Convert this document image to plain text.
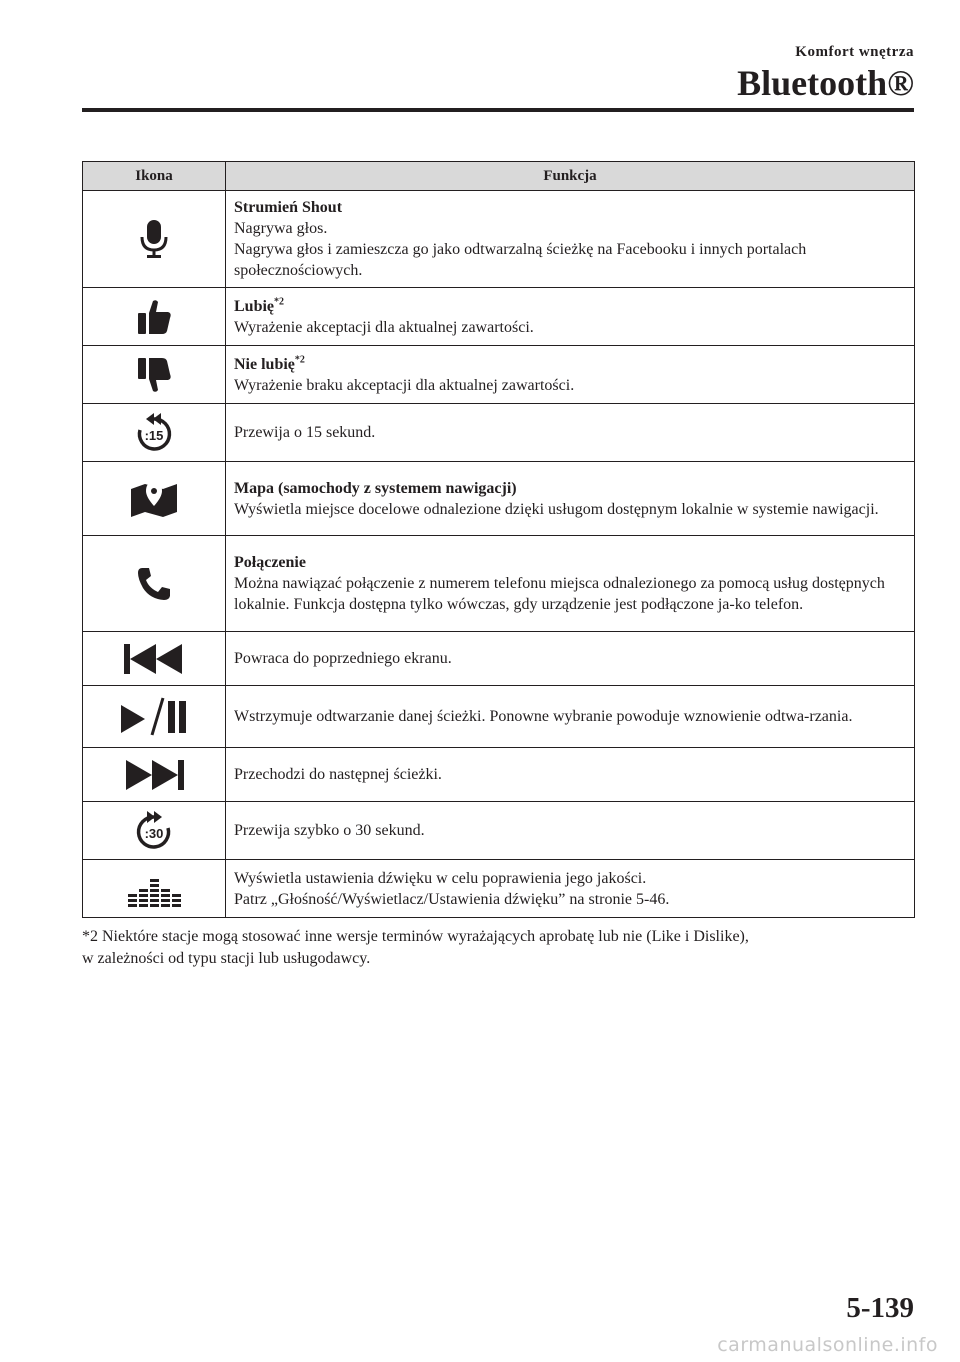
Komfort wnętrza
Bluetooth®
Ikona	Funkcja

Strumień Shout
Nagrywa głos.
Nagrywa głos i zamieszcza go jako odtwarzalną ścieżkę na Facebooku i innych portalach społecznościowych.

Lubię$^{*2}$
Wyrażenie akceptacji dla aktualnej zawartości.

Nie lubię$^{*2}$
Wyrażenie braku akceptacji dla aktualnej zawartości.

:15	Przewija o 15 sekund.

Mapa (samochody z systemem nawigacji)
Wyświetla miejsce docelowe odnalezione dzięki usługom dostępnym lokalnie w systemie nawigacji.

Połączenie
Można nawiązać połączenie z numerem telefonu miejsca odnalezionego za pomocą usług dostępnych lokalnie. Funkcja dostępna tylko wówczas, gdy urządzenie jest podłączone ja-ko telefon.

Powraca do poprzedniego ekranu.

Wstrzymuje odtwarzanie danej ścieżki. Ponowne wybranie powoduje wznowienie odtwa-rzania.

Przechodzi do następnej ścieżki.

:30	Przewija szybko o 30 sekund.

Wyświetla ustawienia dźwięku w celu poprawienia jego jakości.
Patrz „Głośność/Wyświetlacz/Ustawienia dźwięku” na stronie 5-46.
*2 Niektóre stacje mogą stosować inne wersje terminów wyrażających aprobatę lub nie (Like i Dislike),
w zależności od typu stacji lub usługodawcy.
5-139
carmanualsonline.info
